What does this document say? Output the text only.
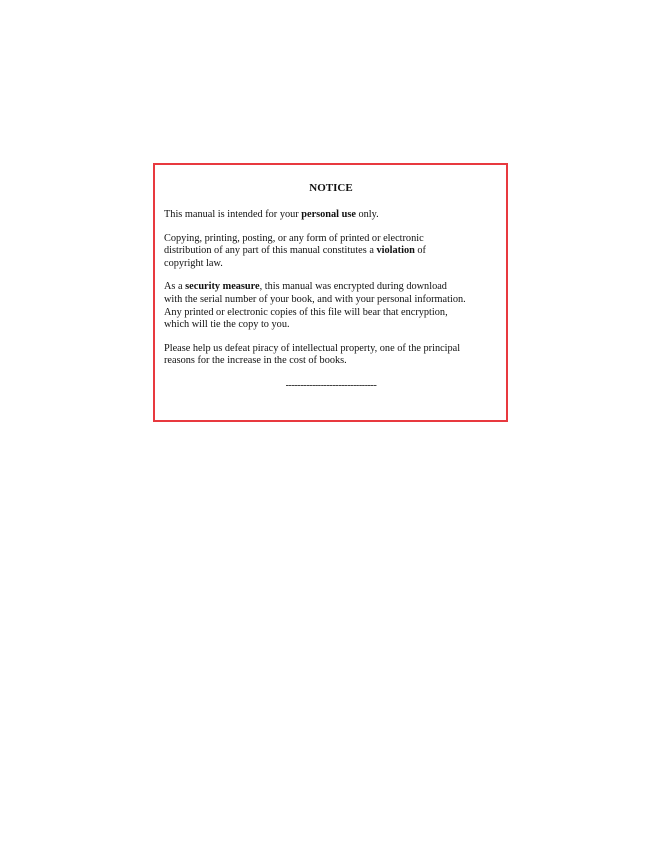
NOTICE
This manual is intended for your personal use only.
Copying, printing, posting, or any form of printed or electronic
distribution of any part of this manual constitutes a violation of
copyright law.
As a security measure, this manual was encrypted during download
with the serial number of your book, and with your personal information.
Any printed or electronic copies of this file will bear that encryption,
which will tie the copy to you.
Please help us defeat piracy of intellectual property, one of the principal
reasons for the increase in the cost of books.
-------------------------------
